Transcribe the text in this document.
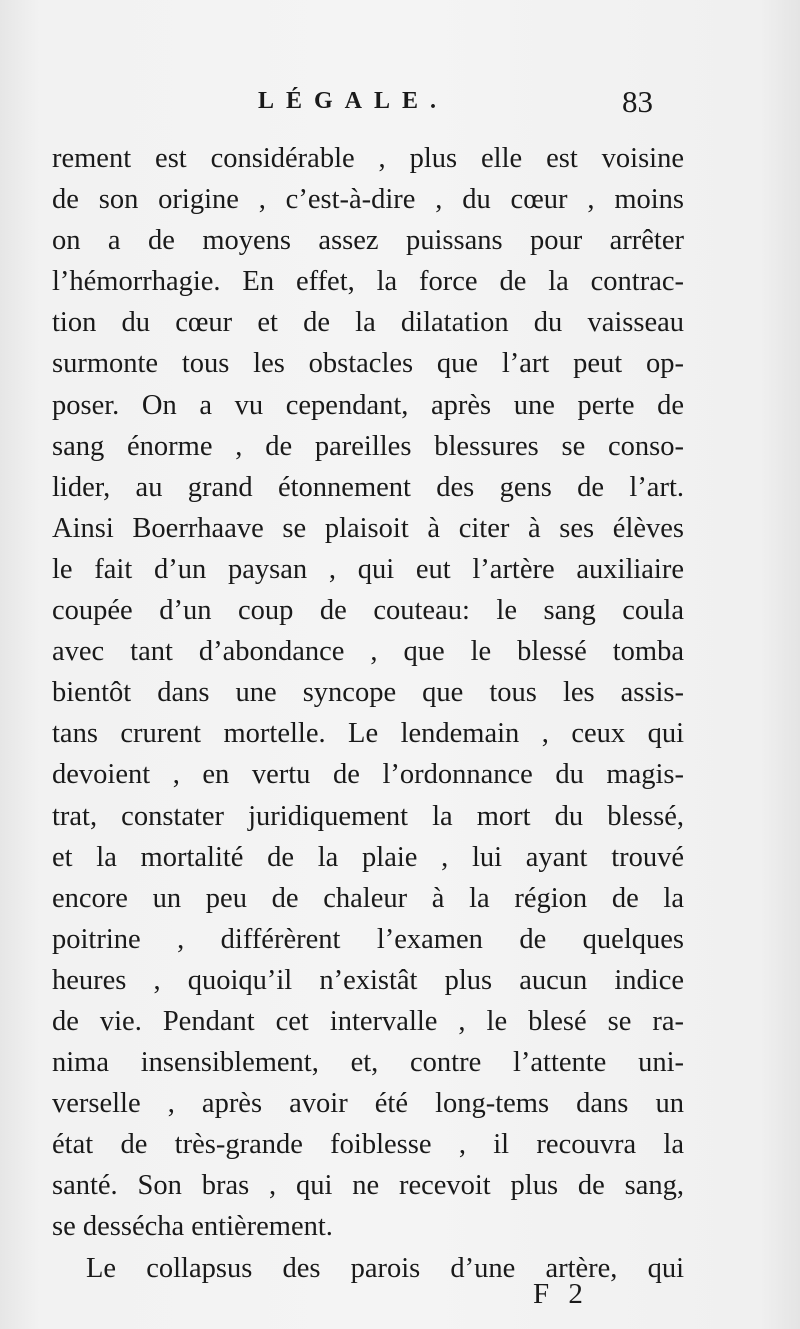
LÉGALE.	83
rement est considérable , plus elle est voisine
de son origine , c’est-à-dire , du cœur , moins
on a de moyens assez puissans pour arrêter
l’hémorrhagie. En effet, la force de la contrac-
tion du cœur et de la dilatation du vaisseau
surmonte tous les obstacles que l’art peut op-
poser. On a vu cependant, après une perte de
sang énorme , de pareilles blessures se conso-
lider, au grand étonnement des gens de l’art.
Ainsi Boerrhaave se plaisoit à citer à ses élèves
le fait d’un paysan , qui eut l’artère auxiliaire
coupée d’un coup de couteau: le sang coula
avec tant d’abondance , que le blessé tomba
bientôt dans une syncope que tous les assis-
tans crurent mortelle. Le lendemain , ceux qui
devoient , en vertu de l’ordonnance du magis-
trat, constater juridiquement la mort du blessé,
et la mortalité de la plaie , lui ayant trouvé
encore un peu de chaleur à la région de la
poitrine , différèrent l’examen de quelques
heures , quoiqu’il n’existât plus aucun indice
de vie. Pendant cet intervalle , le blesé se ra-
nima insensiblement, et, contre l’attente uni-
verselle , après avoir été long-tems dans un
état de très-grande foiblesse , il recouvra la
santé. Son bras , qui ne recevoit plus de sang,
se dessécha entièrement.
Le collapsus des parois d’une artère, qui
F 2
